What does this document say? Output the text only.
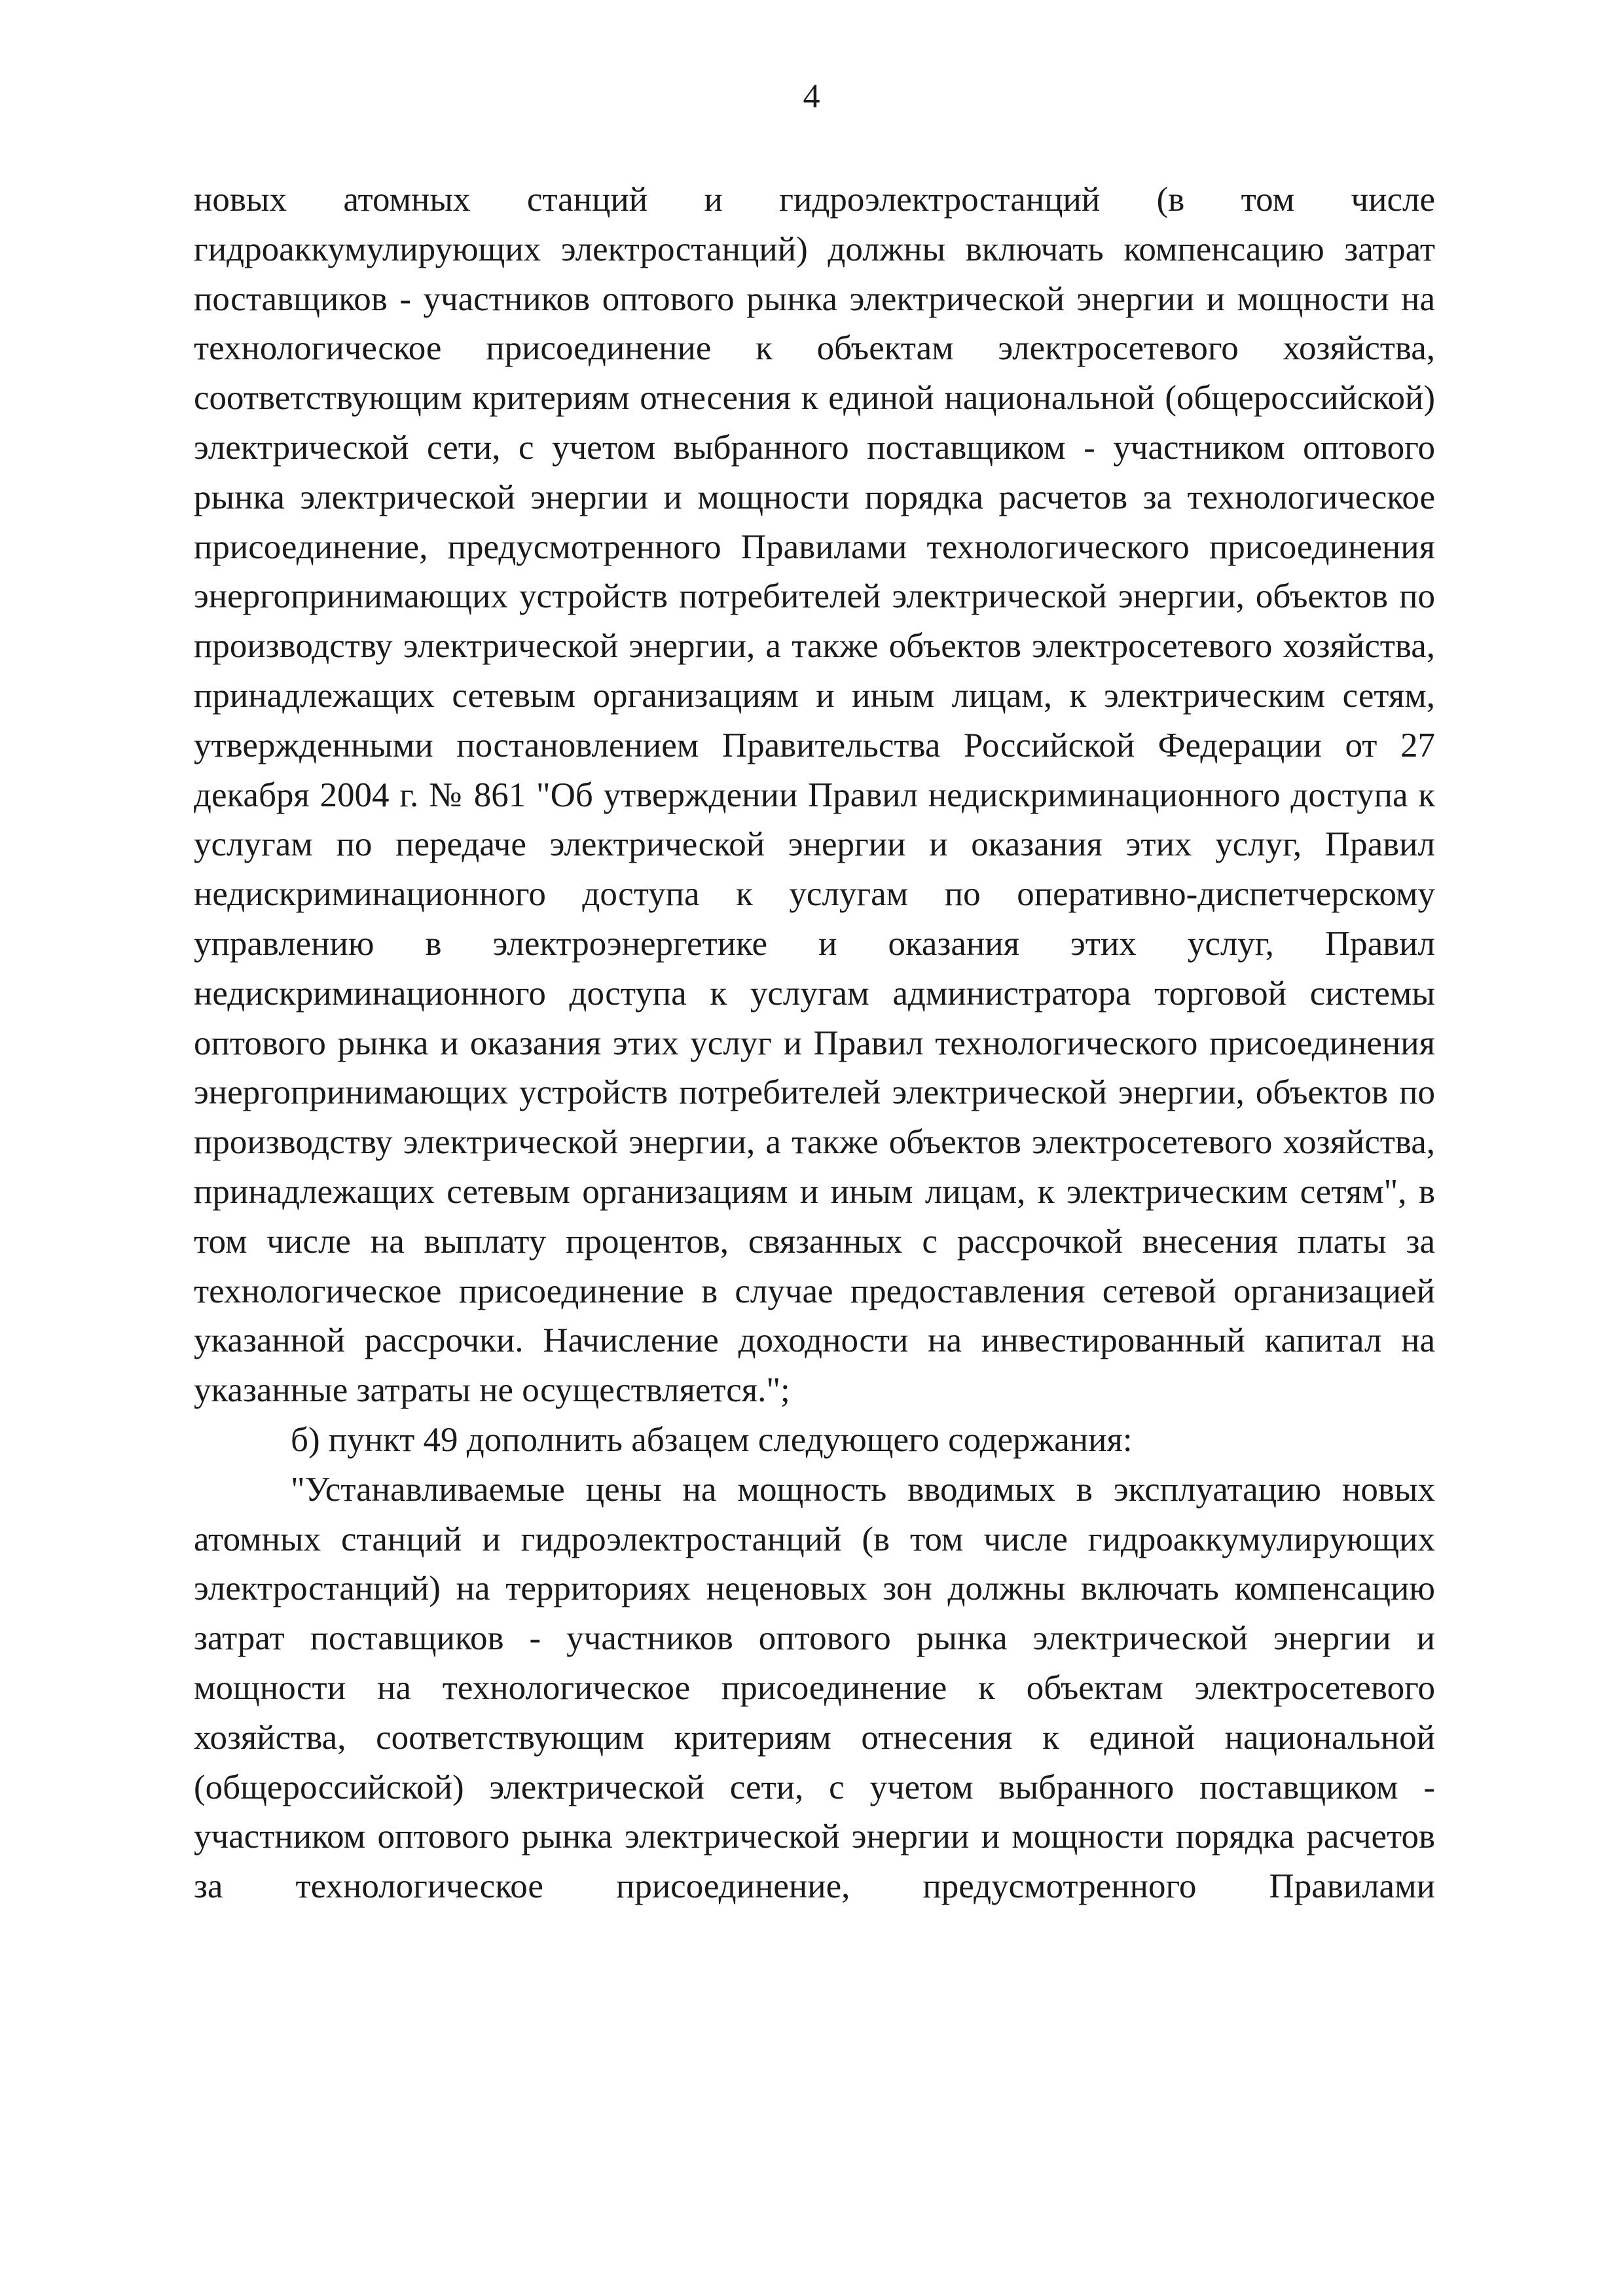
4

новых атомных станций и гидроэлектростанций (в том числе гидроаккумулирующих электростанций) должны включать компенсацию затрат поставщиков - участников оптового рынка электрической энергии и мощности на технологическое присоединение к объектам электросетевого хозяйства, соответствующим критериям отнесения к единой национальной (общероссийской) электрической сети, с учетом выбранного поставщиком - участником оптового рынка электрической энергии и мощности порядка расчетов за технологическое присоединение, предусмотренного Правилами технологического присоединения энергопринимающих устройств потребителей электрической энергии, объектов по производству электрической энергии, а также объектов электросетевого хозяйства, принадлежащих сетевым организациям и иным лицам, к электрическим сетям, утвержденными постановлением Правительства Российской Федерации от 27 декабря 2004 г. № 861 "Об утверждении Правил недискриминационного доступа к услугам по передаче электрической энергии и оказания этих услуг, Правил недискриминационного доступа к услугам по оперативно-диспетчерскому управлению в электроэнергетике и оказания этих услуг, Правил недискриминационного доступа к услугам администратора торговой системы оптового рынка и оказания этих услуг и Правил технологического присоединения энергопринимающих устройств потребителей электрической энергии, объектов по производству электрической энергии, а также объектов электросетевого хозяйства, принадлежащих сетевым организациям и иным лицам, к электрическим сетям", в том числе на выплату процентов, связанных с рассрочкой внесения платы за технологическое присоединение в случае предоставления сетевой организацией указанной рассрочки. Начисление доходности на инвестированный капитал на указанные затраты не осуществляется.";

б) пункт 49 дополнить абзацем следующего содержания:

"Устанавливаемые цены на мощность вводимых в эксплуатацию новых атомных станций и гидроэлектростанций (в том числе гидроаккумулирующих электростанций) на территориях неценовых зон должны включать компенсацию затрат поставщиков - участников оптового рынка электрической энергии и мощности на технологическое присоединение к объектам электросетевого хозяйства, соответствующим критериям отнесения к единой национальной (общероссийской) электрической сети, с учетом выбранного поставщиком - участником оптового рынка электрической энергии и мощности порядка расчетов за технологическое присоединение, предусмотренного Правилами
